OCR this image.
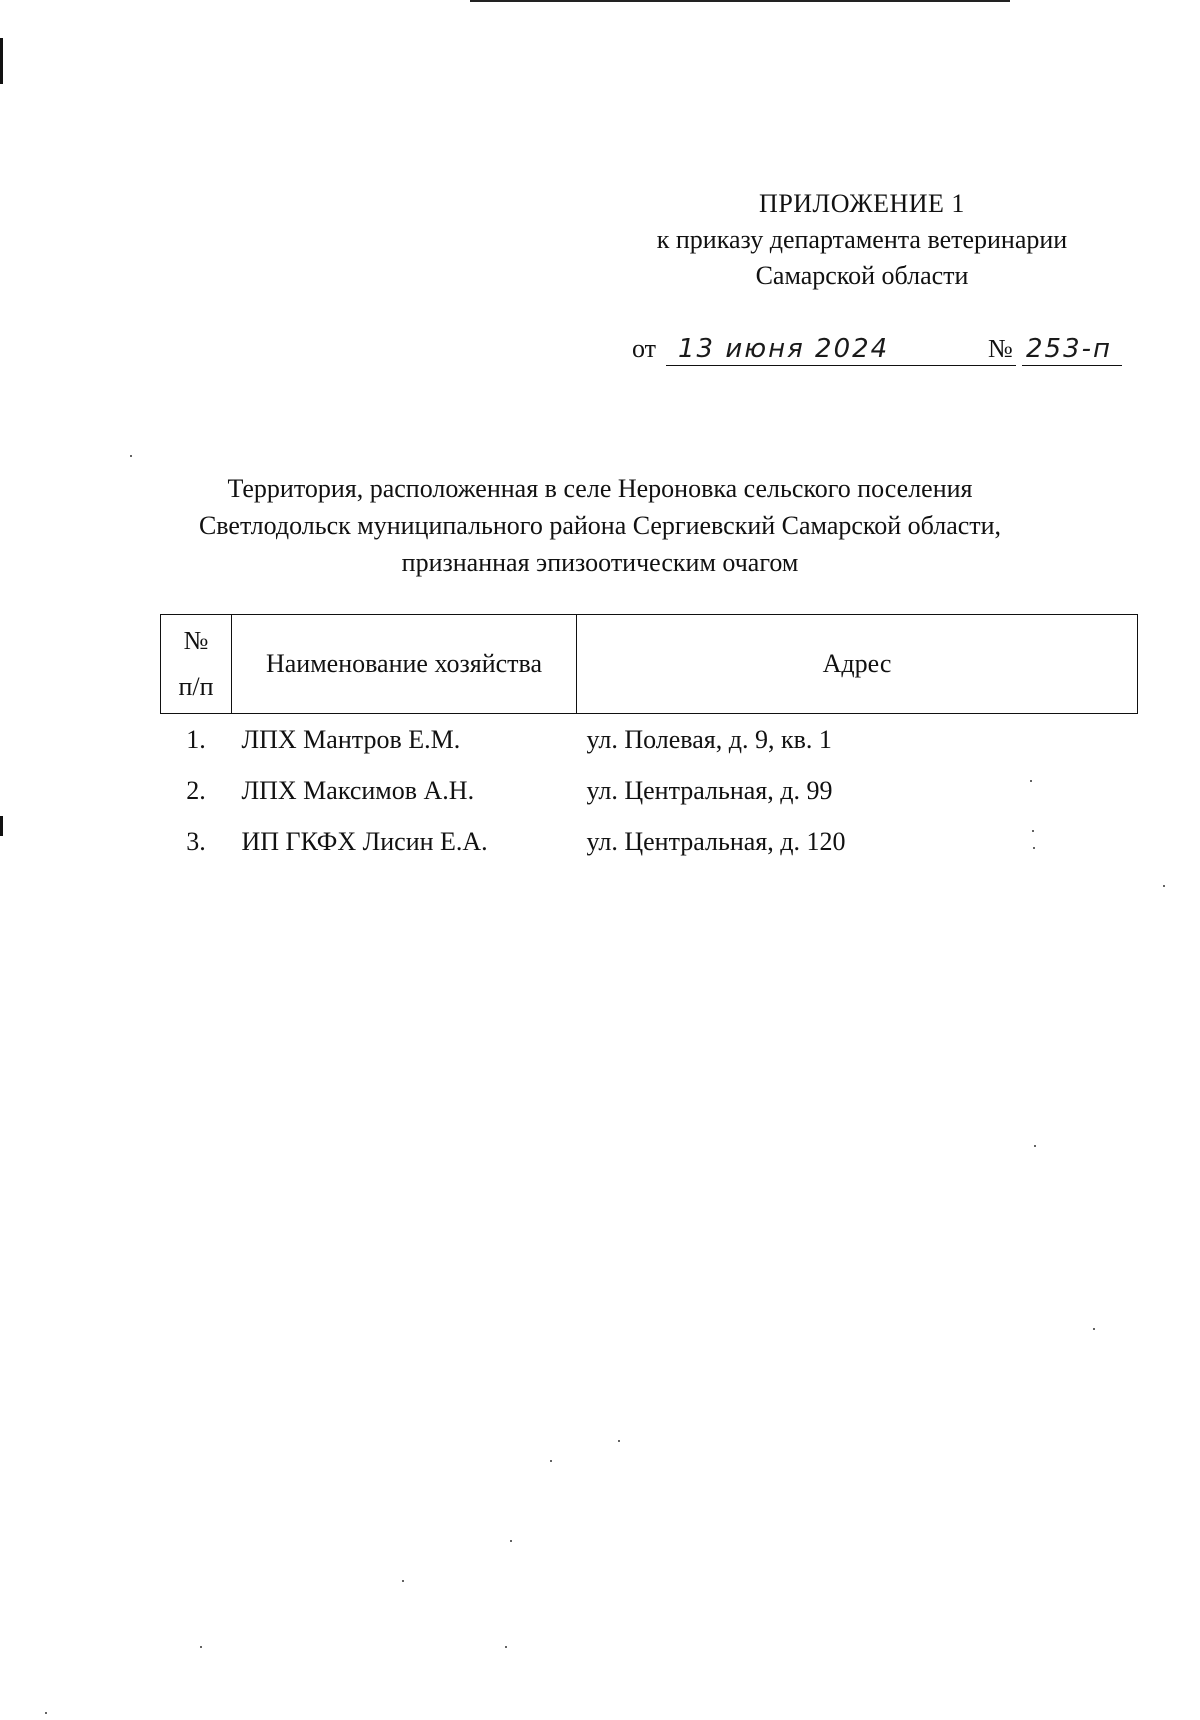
ПРИЛОЖЕНИЕ 1
к приказу департамента ветеринарии
Самарской области
от 13 июня 2024	№ 253-п
Территория, расположенная в селе Нероновка сельского поселения
Светлодольск муниципального района Сергиевский Самарской области,
признанная эпизоотическим очагом
№
п/п	Наименование хозяйства	Адрес
1.	ЛПХ Мантров Е.М.	ул. Полевая, д. 9, кв. 1
2.	ЛПХ Максимов А.Н.	ул. Центральная, д. 99
3.	ИП ГКФХ Лисин Е.А.	ул. Центральная, д. 120
